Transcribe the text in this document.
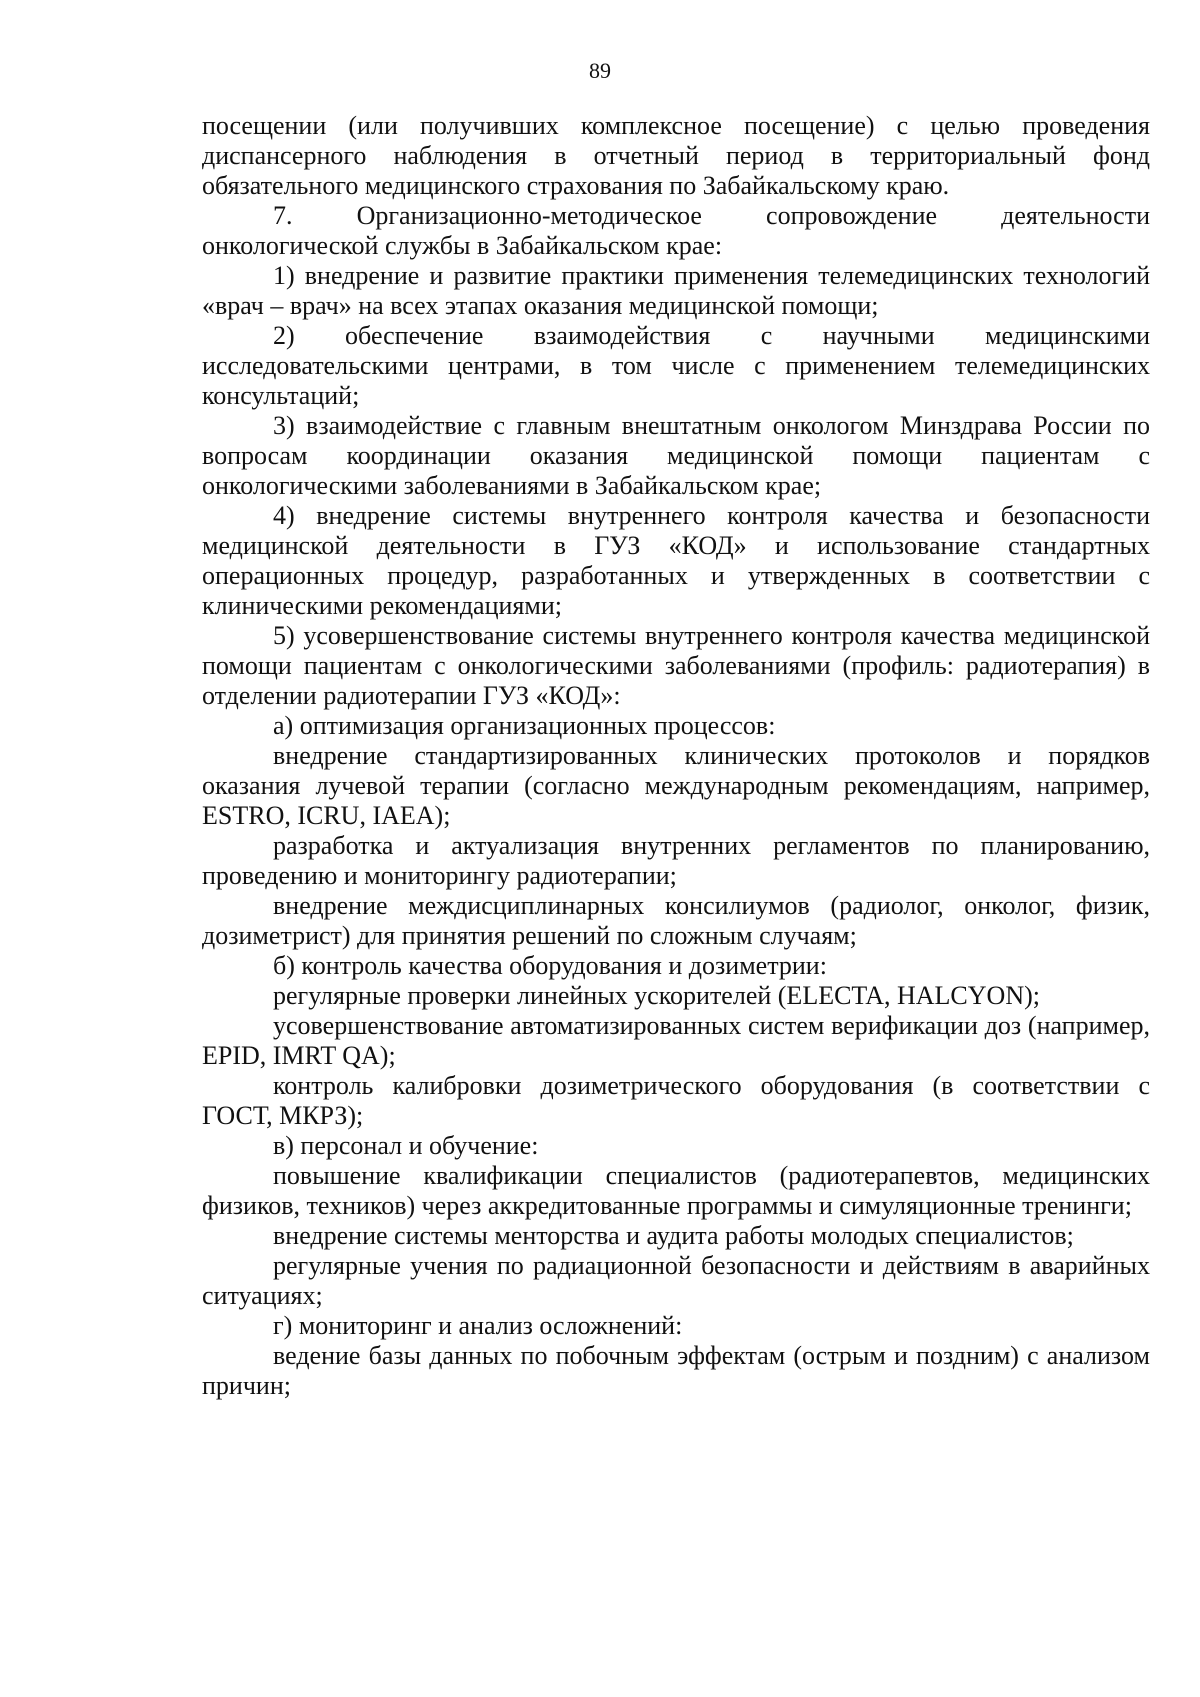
89

посещении (или получивших комплексное посещение) с целью проведения диспансерного наблюдения в отчетный период в территориальный фонд обязательного медицинского страхования по Забайкальскому краю.

7. Организационно-методическое сопровождение деятельности онкологической службы в Забайкальском крае:

1) внедрение и развитие практики применения телемедицинских технологий «врач – врач» на всех этапах оказания медицинской помощи;

2) обеспечение взаимодействия с научными медицинскими исследовательскими центрами, в том числе с применением телемедицинских консультаций;

3) взаимодействие с главным внештатным онкологом Минздрава России по вопросам координации оказания медицинской помощи пациентам с онкологическими заболеваниями в Забайкальском крае;

4) внедрение системы внутреннего контроля качества и безопасности медицинской деятельности в ГУЗ «КОД» и использование стандартных операционных процедур, разработанных и утвержденных в соответствии с клиническими рекомендациями;

5) усовершенствование системы внутреннего контроля качества медицинской помощи пациентам с онкологическими заболеваниями (профиль: радиотерапия) в отделении радиотерапии ГУЗ «КОД»:

а) оптимизация организационных процессов:

внедрение стандартизированных клинических протоколов и порядков оказания лучевой терапии (согласно международным рекомендациям, например, ESTRO, ICRU, IAEA);

разработка и актуализация внутренних регламентов по планированию, проведению и мониторингу радиотерапии;

внедрение междисциплинарных консилиумов (радиолог, онколог, физик, дозиметрист) для принятия решений по сложным случаям;

б) контроль качества оборудования и дозиметрии:

регулярные проверки линейных ускорителей (ELECTA, HALCYON);

усовершенствование автоматизированных систем верификации доз (например, EPID, IMRT QA);

контроль калибровки дозиметрического оборудования (в соответствии с ГОСТ, МКРЗ);

в) персонал и обучение:

повышение квалификации специалистов (радиотерапевтов, медицинских физиков, техников) через аккредитованные программы и симуляционные тренинги;

внедрение системы менторства и аудита работы молодых специалистов;

регулярные учения по радиационной безопасности и действиям в аварийных ситуациях;

г) мониторинг и анализ осложнений:

ведение базы данных по побочным эффектам (острым и поздним) с анализом причин;
